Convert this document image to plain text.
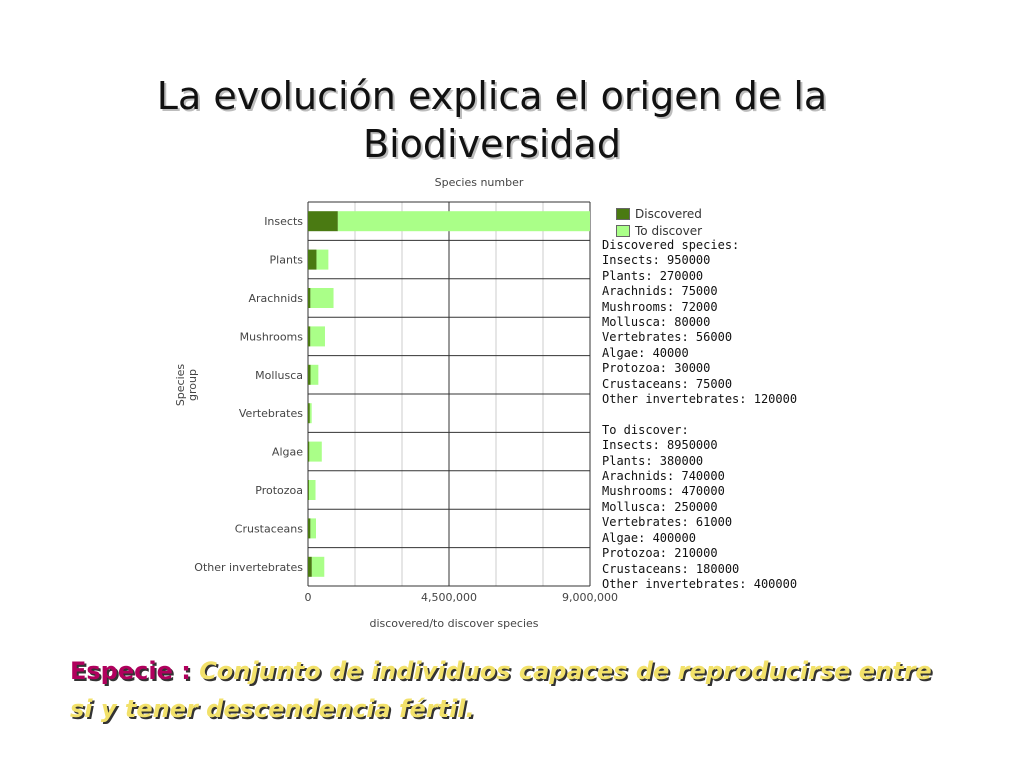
La evolución explica el origen de la
Biodiversidad
Insects
Plants
Arachnids
Mushrooms
Mollusca
Vertebrates
Algae
Protozoa
Crustaceans
Other invertebrates
0	4,500,000	9,000,000
Species number
discovered/to discover species
Species group
Discovered
To discover
Discovered species:
Insects: 950000
Plants: 270000
Arachnids: 75000
Mushrooms: 72000
Mollusca: 80000
Vertebrates: 56000
Algae: 40000
Protozoa: 30000
Crustaceans: 75000
Other invertebrates: 120000
To discover:
Insects: 8950000
Plants: 380000
Arachnids: 740000
Mushrooms: 470000
Mollusca: 250000
Vertebrates: 61000
Algae: 400000
Protozoa: 210000
Crustaceans: 180000
Other invertebrates: 400000
Especie : Conjunto de individuos capaces de reproducirse entre si y tener descendencia fértil.
